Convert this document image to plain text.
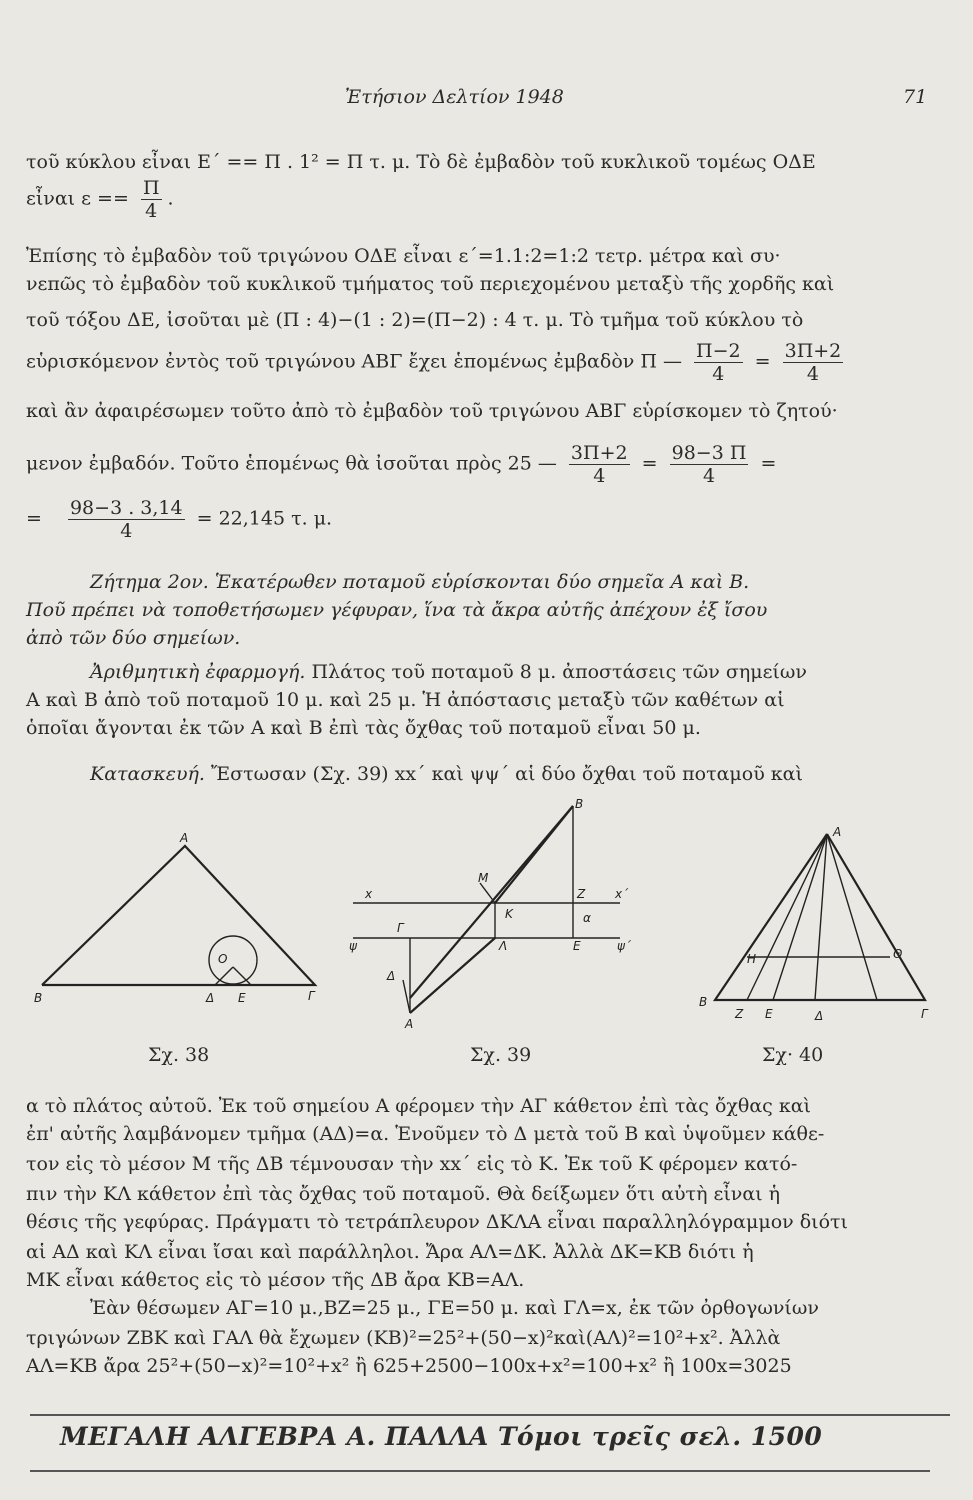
Ἐτήσιον Δελτίον 1948	71
τοῦ κύκλου εἶναι Ε΄ == Π . 1² = Π τ. μ. Τὸ δὲ ἐμβαδὸν τοῦ κυκλικοῦ τομέως ΟΔΕ
εἶναι $\varepsilon == \frac{\Pi}{4}$ .
Ἐπίσης τὸ ἐμβαδὸν τοῦ τριγώνου ΟΔΕ εἶναι ε΄=1.1:2=1:2 τετρ. μέτρα καὶ συ·
νεπῶς τὸ ἐμβαδὸν τοῦ κυκλικοῦ τμήματος τοῦ περιεχομένου μεταξὺ τῆς χορδῆς καὶ
τοῦ τόξου ΔΕ, ἰσοῦται μὲ (Π : 4)−(1 : 2)=(Π−2) : 4 τ. μ. Τὸ τμῆμα τοῦ κύκλου τὸ
εὑρισκόμενον ἐντὸς τοῦ τριγώνου ΑΒΓ ἔχει ἑπομένως ἐμβαδὸν Π — $\frac{\Pi-2}{4} = \frac{3\Pi+2}{4}$
καὶ ἂν ἀφαιρέσωμεν τοῦτο ἀπὸ τὸ ἐμβαδὸν τοῦ τριγώνου ΑΒΓ εὑρίσκομεν τὸ ζητού·
μενον ἐμβαδόν. Τοῦτο ἑπομένως θὰ ἰσοῦται πρὸς 25 — $\frac{3\Pi+2}{4} = \frac{98-3 \Pi}{4}$ =
= $\frac{98-3 . 3,14}{4} = 22,145$ τ. μ.
Ζήτημα 2ον. Ἑκατέρωθεν ποταμοῦ εὑρίσκονται δύο σημεῖα Α καὶ Β.
Ποῦ πρέπει νὰ τοποθετήσωμεν γέφυραν, ἵνα τὰ ἄκρα αὐτῆς ἀπέχουν ἐξ ἴσου
ἀπὸ τῶν δύο σημείων.
Ἀριθμητικὴ ἐφαρμογή. Πλάτος τοῦ ποταμοῦ 8 μ. ἀποστάσεις τῶν σημείων
Α καὶ Β ἀπὸ τοῦ ποταμοῦ 10 μ. καὶ 25 μ. Ἡ ἀπόστασις μεταξὺ τῶν καθέτων αἱ
ὁποῖαι ἄγονται ἐκ τῶν Α καὶ Β ἐπὶ τὰς ὄχθας τοῦ ποταμοῦ εἶναι 50 μ.
Κατασκευή. Ἔστωσαν (Σχ. 39) xx΄ καὶ ψψ΄ αἱ δύο ὄχθαι τοῦ ποταμοῦ καὶ
Α
Β	Γ
Δ Ε
Ο
Σχ. 38
Β
Μ
Ζ
x	x΄
Κ	α
Γ
ψ	Λ	Ε	ψ΄
Δ
Α
Σχ. 39
Α
Η	Θ
Β
Ζ Ε	Δ	Γ
Σχ· 40
α τὸ πλάτος αὐτοῦ. Ἐκ τοῦ σημείου Α φέρομεν τὴν ΑΓ κάθετον ἐπὶ τὰς ὄχθας καὶ
ἐπ' αὐτῆς λαμβάνομεν τμῆμα (ΑΔ)=α. Ἑνοῦμεν τὸ Δ μετὰ τοῦ Β καὶ ὑψοῦμεν κάθε-
τον εἰς τὸ μέσον Μ τῆς ΔΒ τέμνουσαν τὴν xx΄ εἰς τὸ Κ. Ἐκ τοῦ Κ φέρομεν κατό-
πιν τὴν ΚΛ κάθετον ἐπὶ τὰς ὄχθας τοῦ ποταμοῦ. Θὰ δείξωμεν ὅτι αὐτὴ εἶναι ἡ
θέσις τῆς γεφύρας. Πράγματι τὸ τετράπλευρον ΔΚΛΑ εἶναι παραλληλόγραμμον διότι
αἱ ΑΔ καὶ ΚΛ εἶναι ἴσαι καὶ παράλληλοι. Ἄρα ΑΛ=ΔΚ. Ἀλλὰ ΔΚ=ΚΒ διότι ἡ
ΜΚ εἶναι κάθετος εἰς τὸ μέσον τῆς ΔΒ ἄρα ΚΒ=ΑΛ.
Ἐὰν θέσωμεν ΑΓ=10 μ.,ΒΖ=25 μ., ΓΕ=50 μ. καὶ ΓΛ=x, ἐκ τῶν ὀρθογωνίων
τριγώνων ΖΒΚ καὶ ΓΑΛ θὰ ἔχωμεν (ΚΒ)²=25²+(50−x)²καὶ(ΑΛ)²=10²+x². Ἀλλὰ
ΑΛ=ΚΒ ἄρα 25²+(50−x)²=10²+x² ἢ 625+2500−100x+x²=100+x² ἢ 100x=3025
ΜΕΓΑΛΗ ΑΛΓΕΒΡΑ Α. ΠΑΛΛΑ Τόμοι τρεῖς σελ. 1500
